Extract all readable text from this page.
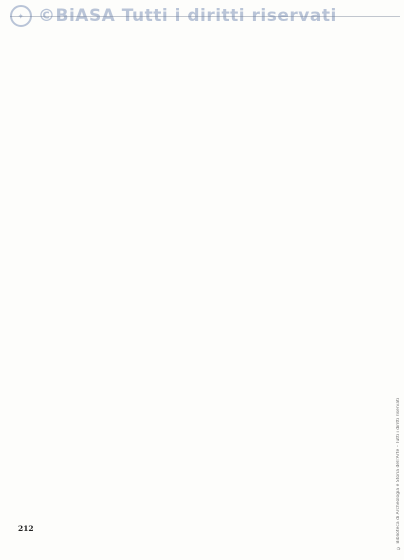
✦ ©BiASA Tutti i diritti riservati

212	© Biblioteca di Archeologia e Storia dell'Arte – Tutti i diritti riservati
